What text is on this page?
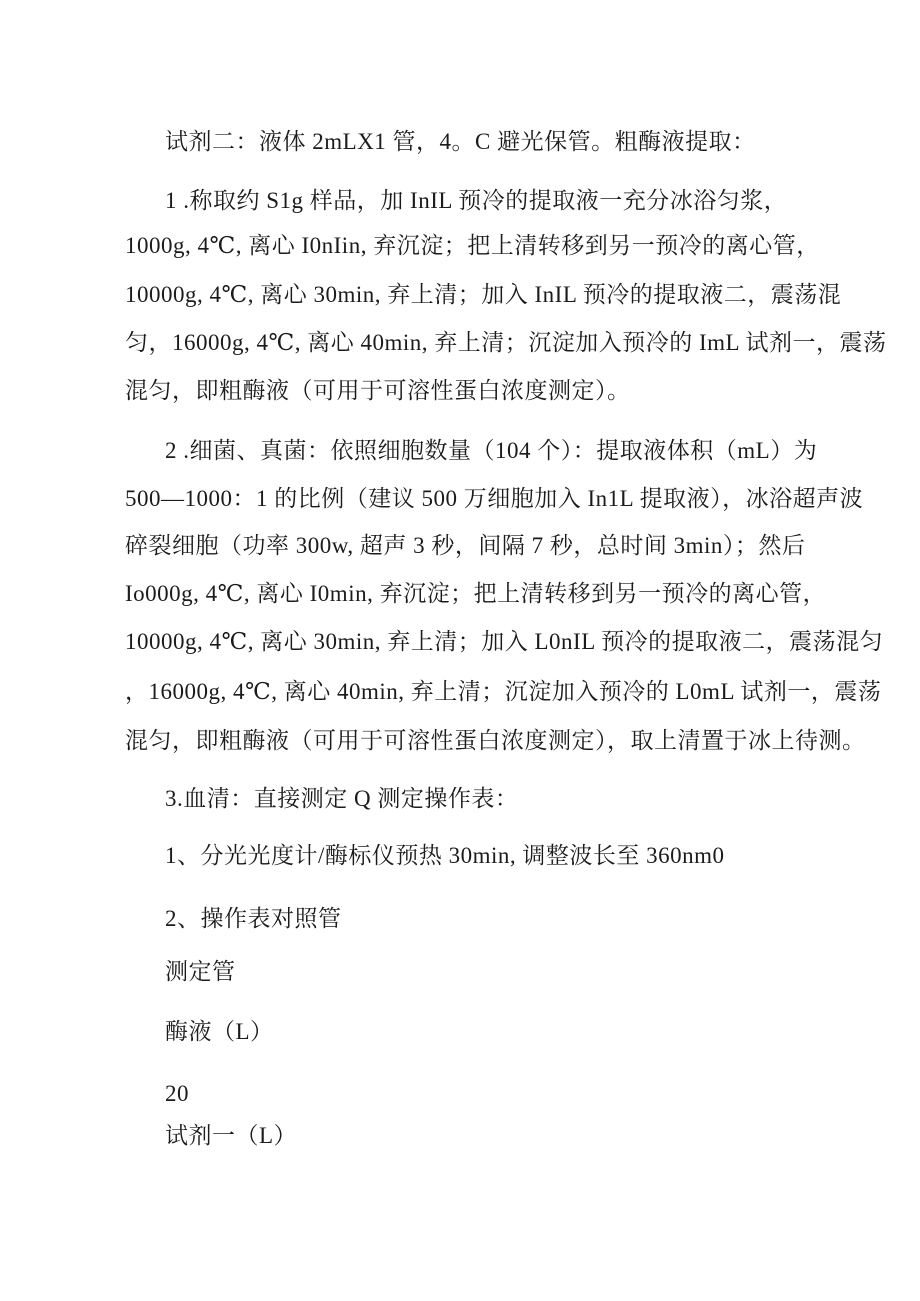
试剂二：液体 2mLX1 管，4。C 避光保管。粗酶液提取：
1 .称取约 S1g 样品，加 InIL 预冷的提取液一充分冰浴匀浆，
1000g, 4℃, 离心 I0nIin, 弃沉淀；把上清转移到另一预冷的离心管，
10000g, 4℃, 离心 30min, 弃上清；加入 InIL 预冷的提取液二，震荡混
匀，16000g, 4℃, 离心 40min, 弃上清；沉淀加入预冷的 ImL 试剂一，震荡
混匀，即粗酶液（可用于可溶性蛋白浓度测定）。
2 .细菌、真菌：依照细胞数量（104 个）：提取液体积（mL）为
500—1000：1 的比例（建议 500 万细胞加入 In1L 提取液），冰浴超声波
碎裂细胞（功率 300w, 超声 3 秒，间隔 7 秒，总时间 3min）；然后
Io000g, 4℃, 离心 I0min, 弃沉淀；把上清转移到另一预冷的离心管，
10000g, 4℃, 离心 30min, 弃上清；加入 L0nIL 预冷的提取液二，震荡混匀
，16000g, 4℃, 离心 40min, 弃上清；沉淀加入预冷的 L0mL 试剂一，震荡
混匀，即粗酶液（可用于可溶性蛋白浓度测定），取上清置于冰上待测。
3.血清：直接测定 Q 测定操作表：
1、分光光度计/酶标仪预热 30min, 调整波长至 360nm0
2、操作表对照管
测定管
酶液（L）
20
试剂一（L）
